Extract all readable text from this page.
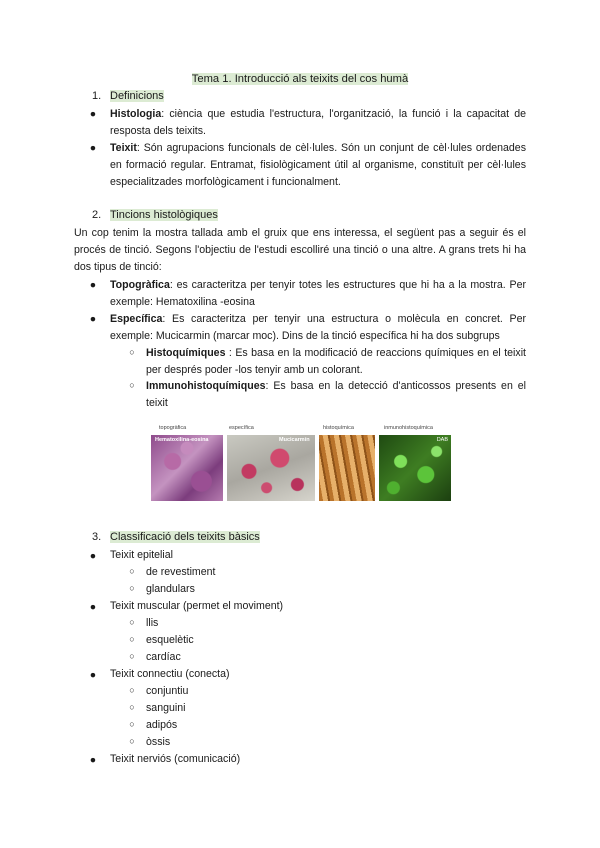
Tema 1. Introducció als teixits del cos humà
1. Definicions
● Histologia: ciència que estudia l'estructura, l'organització, la funció i la capacitat de resposta dels teixits.
● Teixit: Són agrupacions funcionals de cèl·lules. Són un conjunt de cèl·lules ordenades en formació regular. Entramat, fisiològicament útil al organisme, constituït per cèl·lules especialitzades morfològicament i funcionalment.
2. Tincions histològiques
Un cop tenim la mostra tallada amb el gruix que ens interessa, el següent pas a seguir és el procés de tinció. Segons l'objectiu de l'estudi escolliré una tinció o una altre. A grans trets hi ha dos tipus de tinció:
● Topogràfica: es caracteritza per tenyir totes les estructures que hi ha a la mostra. Per exemple: Hematoxilina -eosina
● Específica: Es caracteritza per tenyir una estructura o molècula en concret. Per exemple: Mucicarmin (marcar moc). Dins de la tinció específica hi ha dos subgrups
○ Histoquímiques : Es basa en la modificació de reaccions químiques en el teixit per després poder -los tenyir amb un colorant.
○ Immunohistoquímiques: Es basa en la detecció d'anticossos presents en el teixit
topogràfica	específica	histoquímica	inmunohistoquímica
Hematoxilina-eosina	Mucicarmín	DAB
3. Classificació dels teixits bàsics
● Teixit epitelial
○ de revestiment
○ glandulars
● Teixit muscular (permet el moviment)
○ llis
○ esquelètic
○ cardíac
● Teixit connectiu (conecta)
○ conjuntiu
○ sanguini
○ adipós
○ òssis
● Teixit nerviós (comunicació)
